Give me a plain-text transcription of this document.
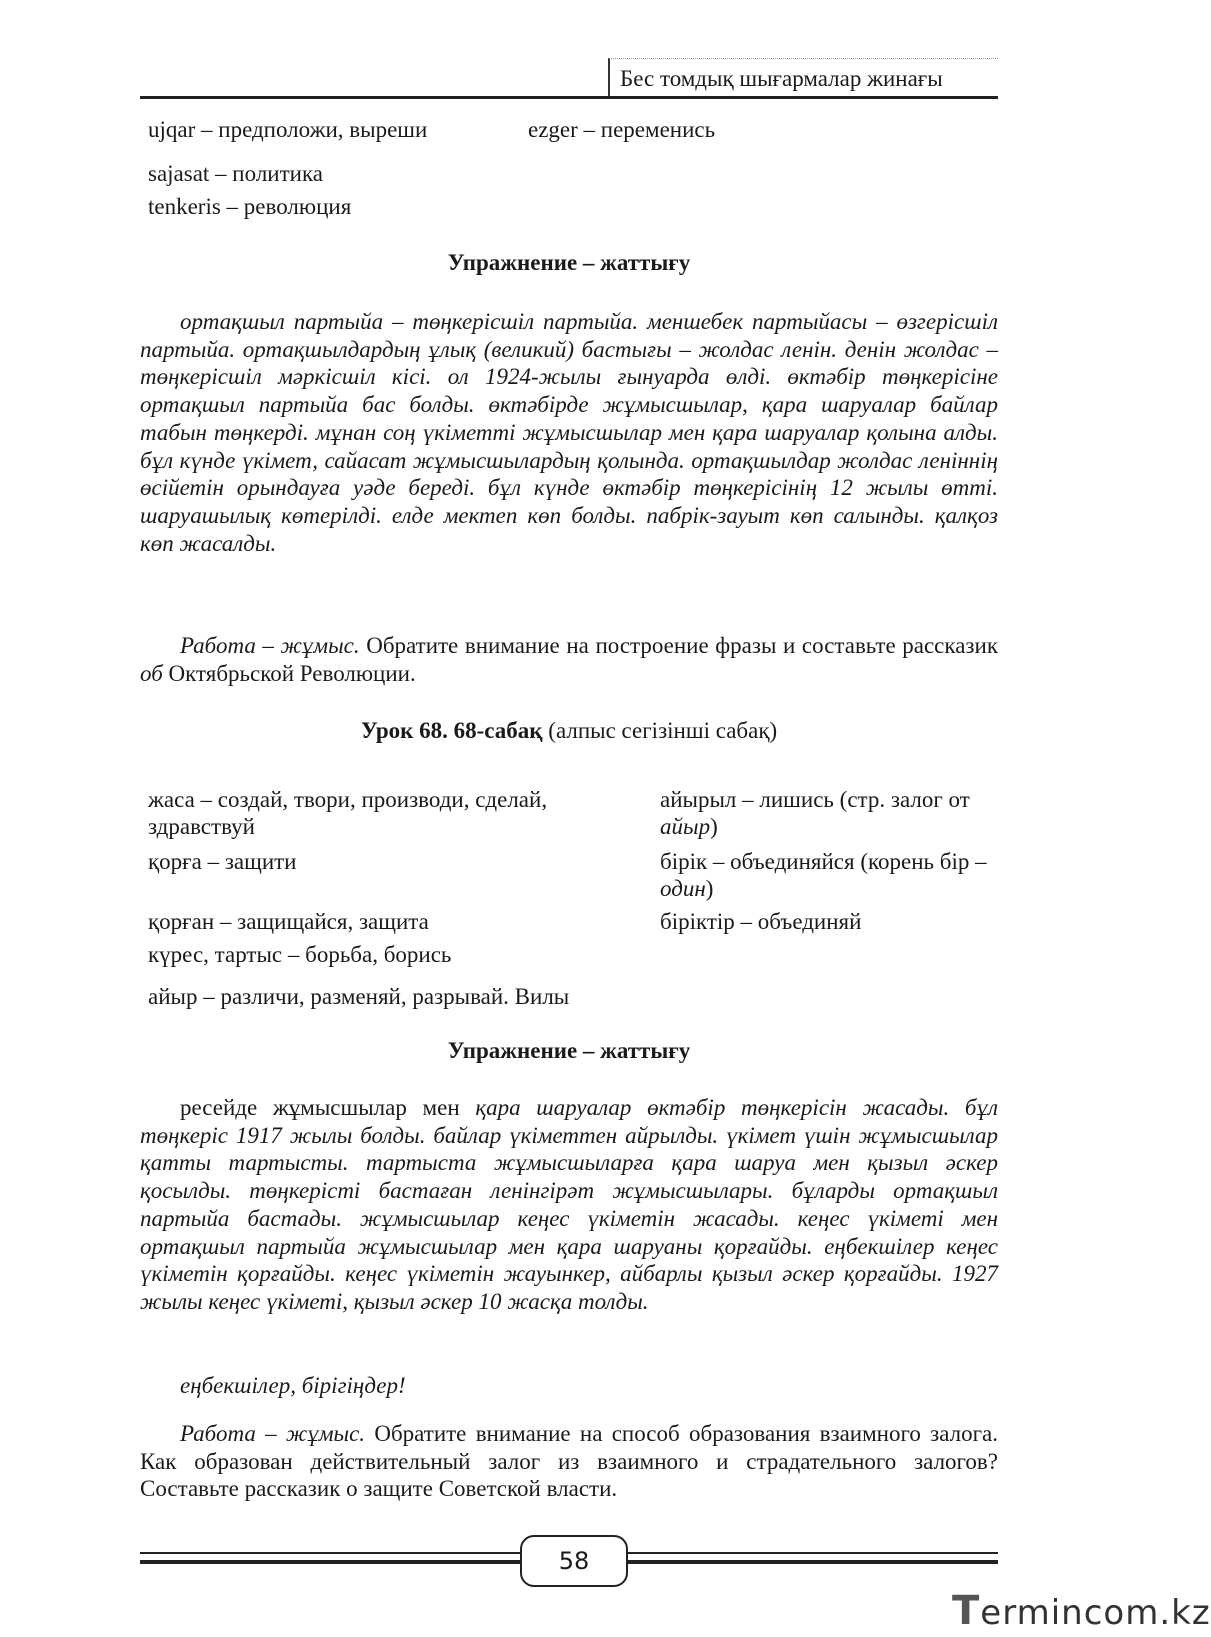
Бес томдық шығармалар жинағы
ujqar – предположи, выреши	ezger – переменись
sajasat – политика
tenkeris – революция
Упражнение – жаттығу
ортақшыл партыйа – төңкерісшіл партыйа. меншебек партыйасы – өзгерісшіл партыйа. ортақшылдардың ұлық (великий) бастығы – жолдас ленін. денін жолдас – төңкерісшіл мәркісшіл кісі. ол 1924-жылы ғынуарда өлді. өктәбір төңкерісіне ортақшыл партыйа бас болды. өктәбірде жұмысшылар, қара шаруалар байлар табын төңкерді. мұнан соң үкіметті жұмысшылар мен қара шаруалар қолына алды. бұл күнде үкімет, сайасат жұмысшылардың қолында. ортақшылдар жолдас ленiннің өсійетін орындауға уәде береді. бұл күнде өктәбір төңкерісінің 12 жылы өтті. шаруашылық көтерілді. елде мектеп көп болды. пабрік-зауыт көп салынды. қалқоз көп жасалды.
Работа – жұмыс. Обратите внимание на построение фразы и составьте рассказик об Октябрьской Революции.
Урок 68. 68-сабақ (алпыс сегізінші сабақ)
жаса – создай, твори, производи, сделай, здравствуй
қорға – защити
қорған – защищайся, защита
күрес, тартыс – борьба, борись
айыр – различи, разменяй, разрывай. Вилы
айырыл – лишись (стр. залог от айыр)
бірік – объединяйся (корень бір – один)
біріктір – объединяй
Упражнение – жаттығу
ресейде жұмысшылар мен қара шаруалар өктәбір төңкерісін жасады. бұл төңкеріс 1917 жылы болды. байлар үкіметтен айрылды. үкімет үшін жұмысшылар қатты тартысты. тартыста жұмысшыларға қара шаруа мен қызыл әскер қосылды. төңкерісті бастаған ленінгірәт жұмысшылары. бұларды ортақшыл партыйа бастады. жұмысшылар кеңес үкіметін жасады. кеңес үкіметі мен ортақшыл партыйа жұмысшылар мен қара шаруаны қорғайды. еңбекшілер кеңес үкіметін қорғайды. кеңес үкіметін жауынкер, айбарлы қызыл әскер қорғайды. 1927 жылы кеңес үкіметі, қызыл әскер 10 жасқа толды.
еңбекшілер, бірігіңдер!
Работа – жұмыс. Обратите внимание на способ образования взаимного залога. Как образован действительный залог из взаимного и страдательного залогов? Составьте рассказик о защите Советской власти.
58
Termincom.kz
